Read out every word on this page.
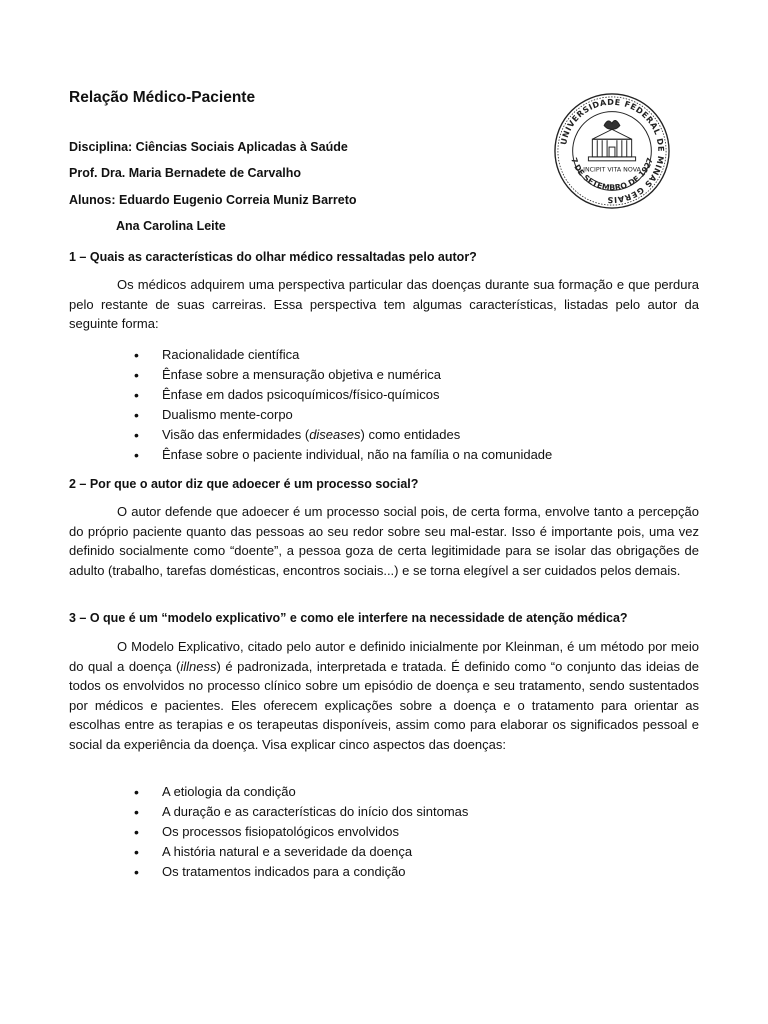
Relação Médico-Paciente
Disciplina: Ciências Sociais Aplicadas à Saúde
Prof. Dra. Maria Bernadete de Carvalho
Alunos: Eduardo Eugenio Correia Muniz Barreto
Ana Carolina Leite
UNIVERSIDADE FEDERAL DE MINAS GERAIS
7 DE SETEMBRO DE 1927
INCIPIT VITA NOVA
1 – Quais as características do olhar médico ressaltadas pelo autor?

Os médicos adquirem uma perspectiva particular das doenças durante sua formação e que perdura pelo restante de suas carreiras. Essa perspectiva tem algumas características, listadas pelo autor da seguinte forma:

• Racionalidade científica
• Ênfase sobre a mensuração objetiva e numérica
• Ênfase em dados psicoquímicos/físico-químicos
• Dualismo mente-corpo
• Visão das enfermidades (diseases) como entidades
• Ênfase sobre o paciente individual, não na família o na comunidade
2 – Por que o autor diz que adoecer é um processo social?

O autor defende que adoecer é um processo social pois, de certa forma, envolve tanto a percepção do próprio paciente quanto das pessoas ao seu redor sobre seu mal-estar. Isso é importante pois, uma vez definido socialmente como “doente”, a pessoa goza de certa legitimidade para se isolar das obrigações de adulto (trabalho, tarefas domésticas, encontros sociais...) e se torna elegível a ser cuidados pelos demais.

3 – O que é um “modelo explicativo” e como ele interfere na necessidade de atenção médica?

O Modelo Explicativo, citado pelo autor e definido inicialmente por Kleinman, é um método por meio do qual a doença (illness) é padronizada, interpretada e tratada. É definido como “o conjunto das ideias de todos os envolvidos no processo clínico sobre um episódio de doença e seu tratamento, sendo sustentados por médicos e pacientes. Eles oferecem explicações sobre a doença e o tratamento para orientar as escolhas entre as terapias e os terapeutas disponíveis, assim como para elaborar os significados pessoal e social da experiência da doença. Visa explicar cinco aspectos das doenças:

• A etiologia da condição
• A duração e as características do início dos sintomas
• Os processos fisiopatológicos envolvidos
• A história natural e a severidade da doença
• Os tratamentos indicados para a condição
